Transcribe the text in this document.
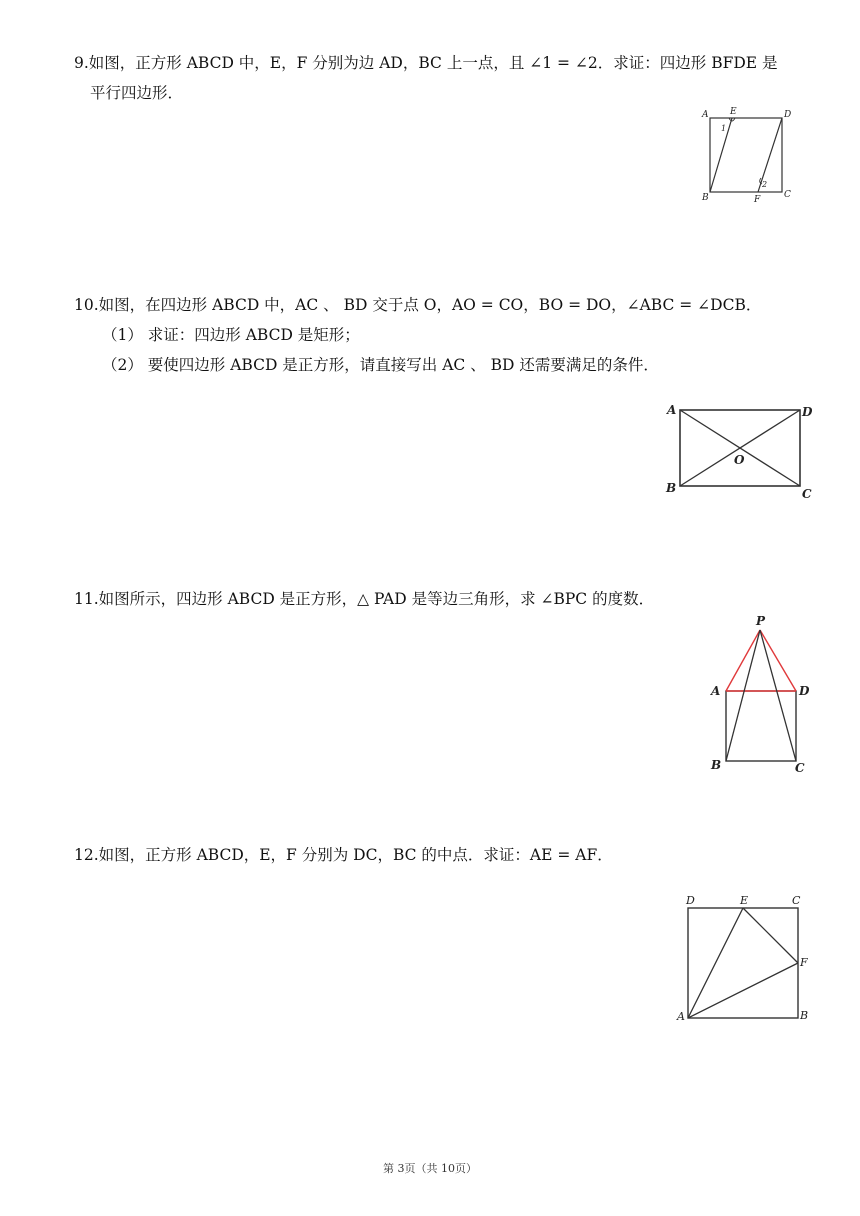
9.如图，正方形 ABCD 中，E，F 分别为边 AD，BC 上一点，且 ∠1 = ∠2．求证：四边形 BFDE 是

平行四边形．

A E	D
1
2
B	F	C

10.如图，在四边形 ABCD 中，AC 、 BD 交于点 O，AO = CO，BO = DO，∠ABC = ∠DCB．

（1） 求证：四边形 ABCD 是矩形；

（2） 要使四边形 ABCD 是正方形，请直接写出 AC 、 BD 还需要满足的条件．

A	D
O
B	C

11.如图所示，四边形 ABCD 是正方形，△ PAD 是等边三角形，求 ∠BPC 的度数．

P
A	D
B	C

12.如图，正方形 ABCD，E，F 分别为 DC，BC 的中点．求证：AE = AF．

D	E	C
F
A	B
第 3页（共 10页）
